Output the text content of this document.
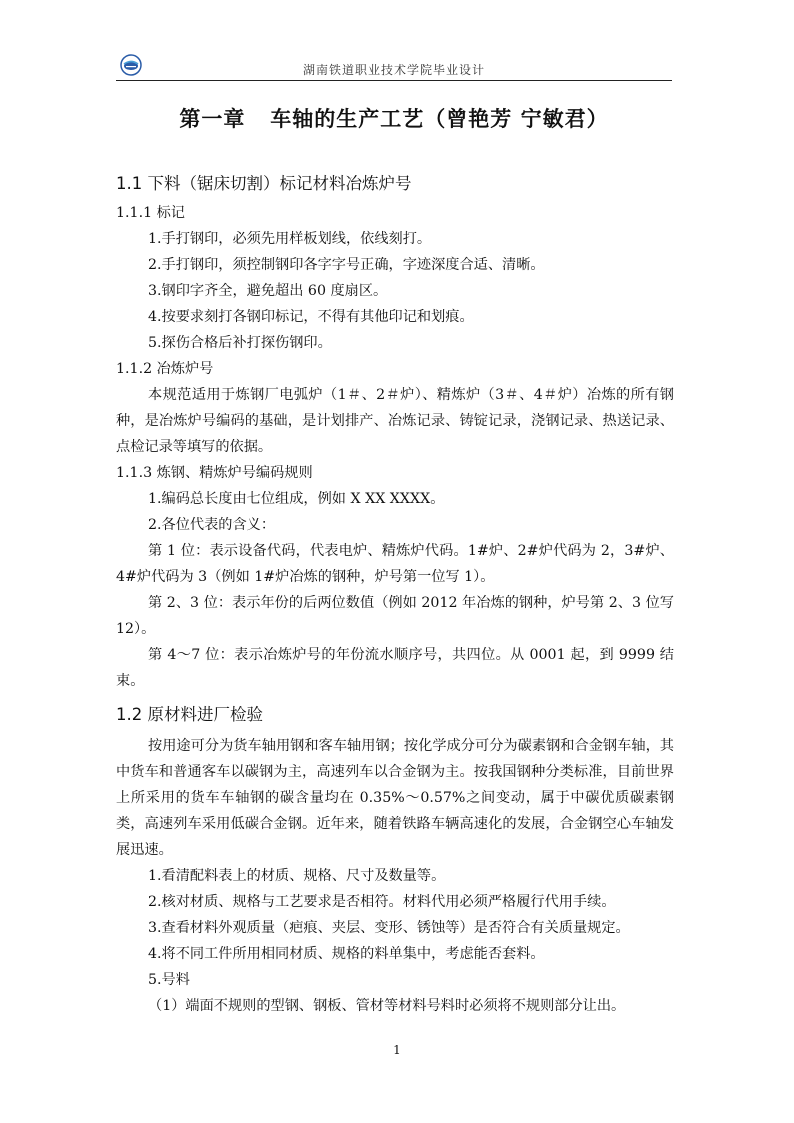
湖南铁道职业技术学院毕业设计
第一章   车轴的生产工艺（曾艳芳 宁敏君）
1.1 下料（锯床切割）标记材料冶炼炉号

1.1.1 标记

1.手打钢印，必须先用样板划线，依线刻打。

2.手打钢印，须控制钢印各字字号正确，字迹深度合适、清晰。

3.钢印字齐全，避免超出 60 度扇区。

4.按要求刻打各钢印标记，不得有其他印记和划痕。

5.探伤合格后补打探伤钢印。

1.1.2 冶炼炉号

本规范适用于炼钢厂电弧炉（1＃、2＃炉）、精炼炉（3＃、4＃炉）冶炼的所有钢种，是冶炼炉号编码的基础，是计划排产、冶炼记录、铸锭记录，浇钢记录、热送记录、点检记录等填写的依据。

1.1.3 炼钢、精炼炉号编码规则

1.编码总长度由七位组成，例如 X XX XXXX。

2.各位代表的含义：

第 1 位：表示设备代码，代表电炉、精炼炉代码。1#炉、2#炉代码为 2，3#炉、4#炉代码为 3（例如 1#炉冶炼的钢种，炉号第一位写 1）。

第 2、3 位：表示年份的后两位数值（例如 2012 年冶炼的钢种，炉号第 2、3 位写 12）。

第 4～7 位：表示冶炼炉号的年份流水顺序号，共四位。从 0001 起，到 9999 结束。

1.2 原材料进厂检验

按用途可分为货车轴用钢和客车轴用钢；按化学成分可分为碳素钢和合金钢车轴，其中货车和普通客车以碳钢为主，高速列车以合金钢为主。按我国钢种分类标准，目前世界上所采用的货车车轴钢的碳含量均在 0.35%～0.57%之间变动，属于中碳优质碳素钢类，高速列车采用低碳合金钢。近年来，随着铁路车辆高速化的发展，合金钢空心车轴发展迅速。

1.看清配料表上的材质、规格、尺寸及数量等。

2.核对材质、规格与工艺要求是否相符。材料代用必须严格履行代用手续。

3.查看材料外观质量（疤痕、夹层、变形、锈蚀等）是否符合有关质量规定。

4.将不同工件所用相同材质、规格的料单集中，考虑能否套料。

5.号料

（1）端面不规则的型钢、钢板、管材等材料号料时必须将不规则部分让出。

1
